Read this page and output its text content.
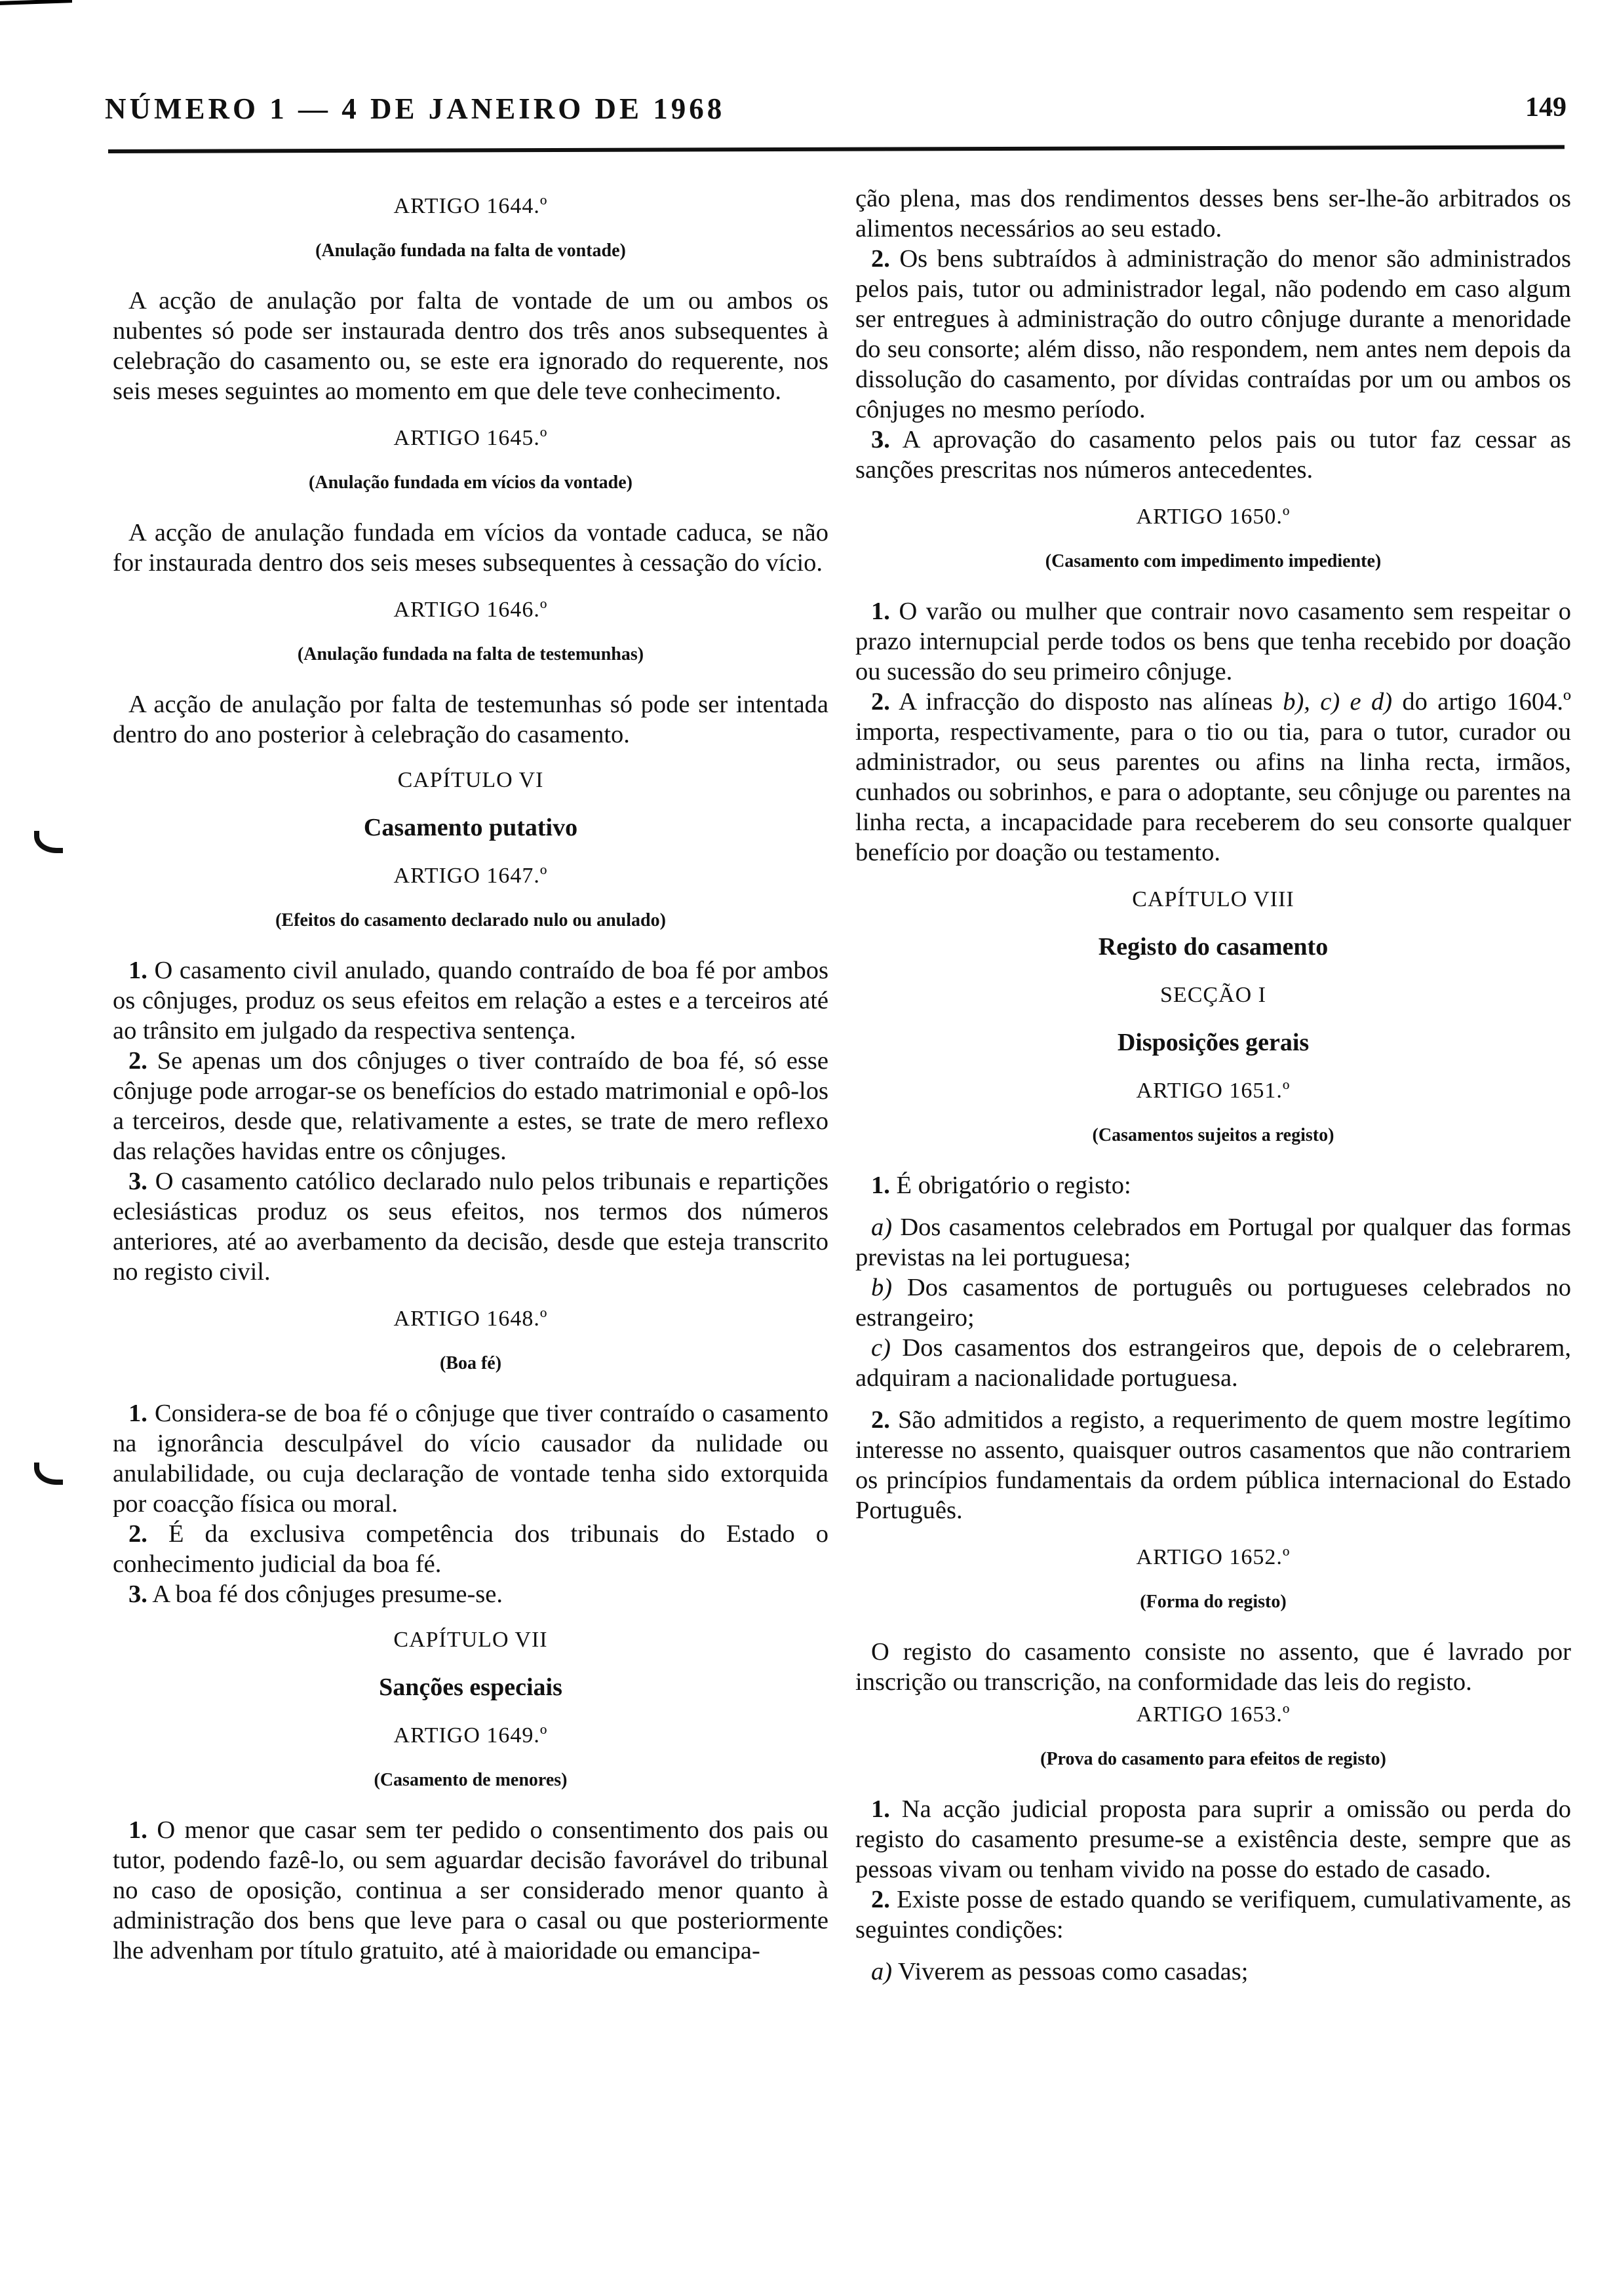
NÚMERO 1 — 4 DE JANEIRO DE 1968	149
ARTIGO 1644.º
(Anulação fundada na falta de vontade)

A acção de anulação por falta de vontade de um ou ambos os nubentes só pode ser instaurada dentro dos três anos subsequentes à celebração do casamento ou, se este era ignorado do requerente, nos seis meses seguintes ao momento em que dele teve conhecimento.

ARTIGO 1645.º
(Anulação fundada em vícios da vontade)

A acção de anulação fundada em vícios da vontade caduca, se não for instaurada dentro dos seis meses subsequentes à cessação do vício.

ARTIGO 1646.º
(Anulação fundada na falta de testemunhas)

A acção de anulação por falta de testemunhas só pode ser intentada dentro do ano posterior à celebração do casamento.

CAPÍTULO VI
Casamento putativo
ARTIGO 1647.º
(Efeitos do casamento declarado nulo ou anulado)

1. O casamento civil anulado, quando contraído de boa fé por ambos os cônjuges, produz os seus efeitos em relação a estes e a terceiros até ao trânsito em julgado da respectiva sentença.

2. Se apenas um dos cônjuges o tiver contraído de boa fé, só esse cônjuge pode arrogar-se os benefícios do estado matrimonial e opô-los a terceiros, desde que, relativamente a estes, se trate de mero reflexo das relações havidas entre os cônjuges.

3. O casamento católico declarado nulo pelos tribunais e repartições eclesiásticas produz os seus efeitos, nos termos dos números anteriores, até ao averbamento da decisão, desde que esteja transcrito no registo civil.

ARTIGO 1648.º
(Boa fé)

1. Considera-se de boa fé o cônjuge que tiver contraído o casamento na ignorância desculpável do vício causador da nulidade ou anulabilidade, ou cuja declaração de vontade tenha sido extorquida por coacção física ou moral.

2. É da exclusiva competência dos tribunais do Estado o conhecimento judicial da boa fé.

3. A boa fé dos cônjuges presume-se.

CAPÍTULO VII
Sanções especiais
ARTIGO 1649.º
(Casamento de menores)

1. O menor que casar sem ter pedido o consentimento dos pais ou tutor, podendo fazê-lo, ou sem aguardar decisão favorável do tribunal no caso de oposição, continua a ser considerado menor quanto à administração dos bens que leve para o casal ou que posteriormente lhe advenham por título gratuito, até à maioridade ou emancipa-

ção plena, mas dos rendimentos desses bens ser-lhe-ão arbitrados os alimentos necessários ao seu estado.

2. Os bens subtraídos à administração do menor são administrados pelos pais, tutor ou administrador legal, não podendo em caso algum ser entregues à administração do outro cônjuge durante a menoridade do seu consorte; além disso, não respondem, nem antes nem depois da dissolução do casamento, por dívidas contraídas por um ou ambos os cônjuges no mesmo período.

3. A aprovação do casamento pelos pais ou tutor faz cessar as sanções prescritas nos números antecedentes.

ARTIGO 1650.º
(Casamento com impedimento impediente)

1. O varão ou mulher que contrair novo casamento sem respeitar o prazo internupcial perde todos os bens que tenha recebido por doação ou sucessão do seu primeiro cônjuge.

2. A infracção do disposto nas alíneas b), c) e d) do artigo 1604.º importa, respectivamente, para o tio ou tia, para o tutor, curador ou administrador, ou seus parentes ou afins na linha recta, irmãos, cunhados ou sobrinhos, e para o adoptante, seu cônjuge ou parentes na linha recta, a incapacidade para receberem do seu consorte qualquer benefício por doação ou testamento.

CAPÍTULO VIII
Registo do casamento
SECÇÃO I
Disposições gerais
ARTIGO 1651.º
(Casamentos sujeitos a registo)

1. É obrigatório o registo:

a) Dos casamentos celebrados em Portugal por qualquer das formas previstas na lei portuguesa;

b) Dos casamentos de português ou portugueses celebrados no estrangeiro;

c) Dos casamentos dos estrangeiros que, depois de o celebrarem, adquiram a nacionalidade portuguesa.

2. São admitidos a registo, a requerimento de quem mostre legítimo interesse no assento, quaisquer outros casamentos que não contrariem os princípios fundamentais da ordem pública internacional do Estado Português.

ARTIGO 1652.º
(Forma do registo)

O registo do casamento consiste no assento, que é lavrado por inscrição ou transcrição, na conformidade das leis do registo.

ARTIGO 1653.º
(Prova do casamento para efeitos de registo)

1. Na acção judicial proposta para suprir a omissão ou perda do registo do casamento presume-se a existência deste, sempre que as pessoas vivam ou tenham vivido na posse do estado de casado.

2. Existe posse de estado quando se verifiquem, cumulativamente, as seguintes condições:

a) Viverem as pessoas como casadas;
